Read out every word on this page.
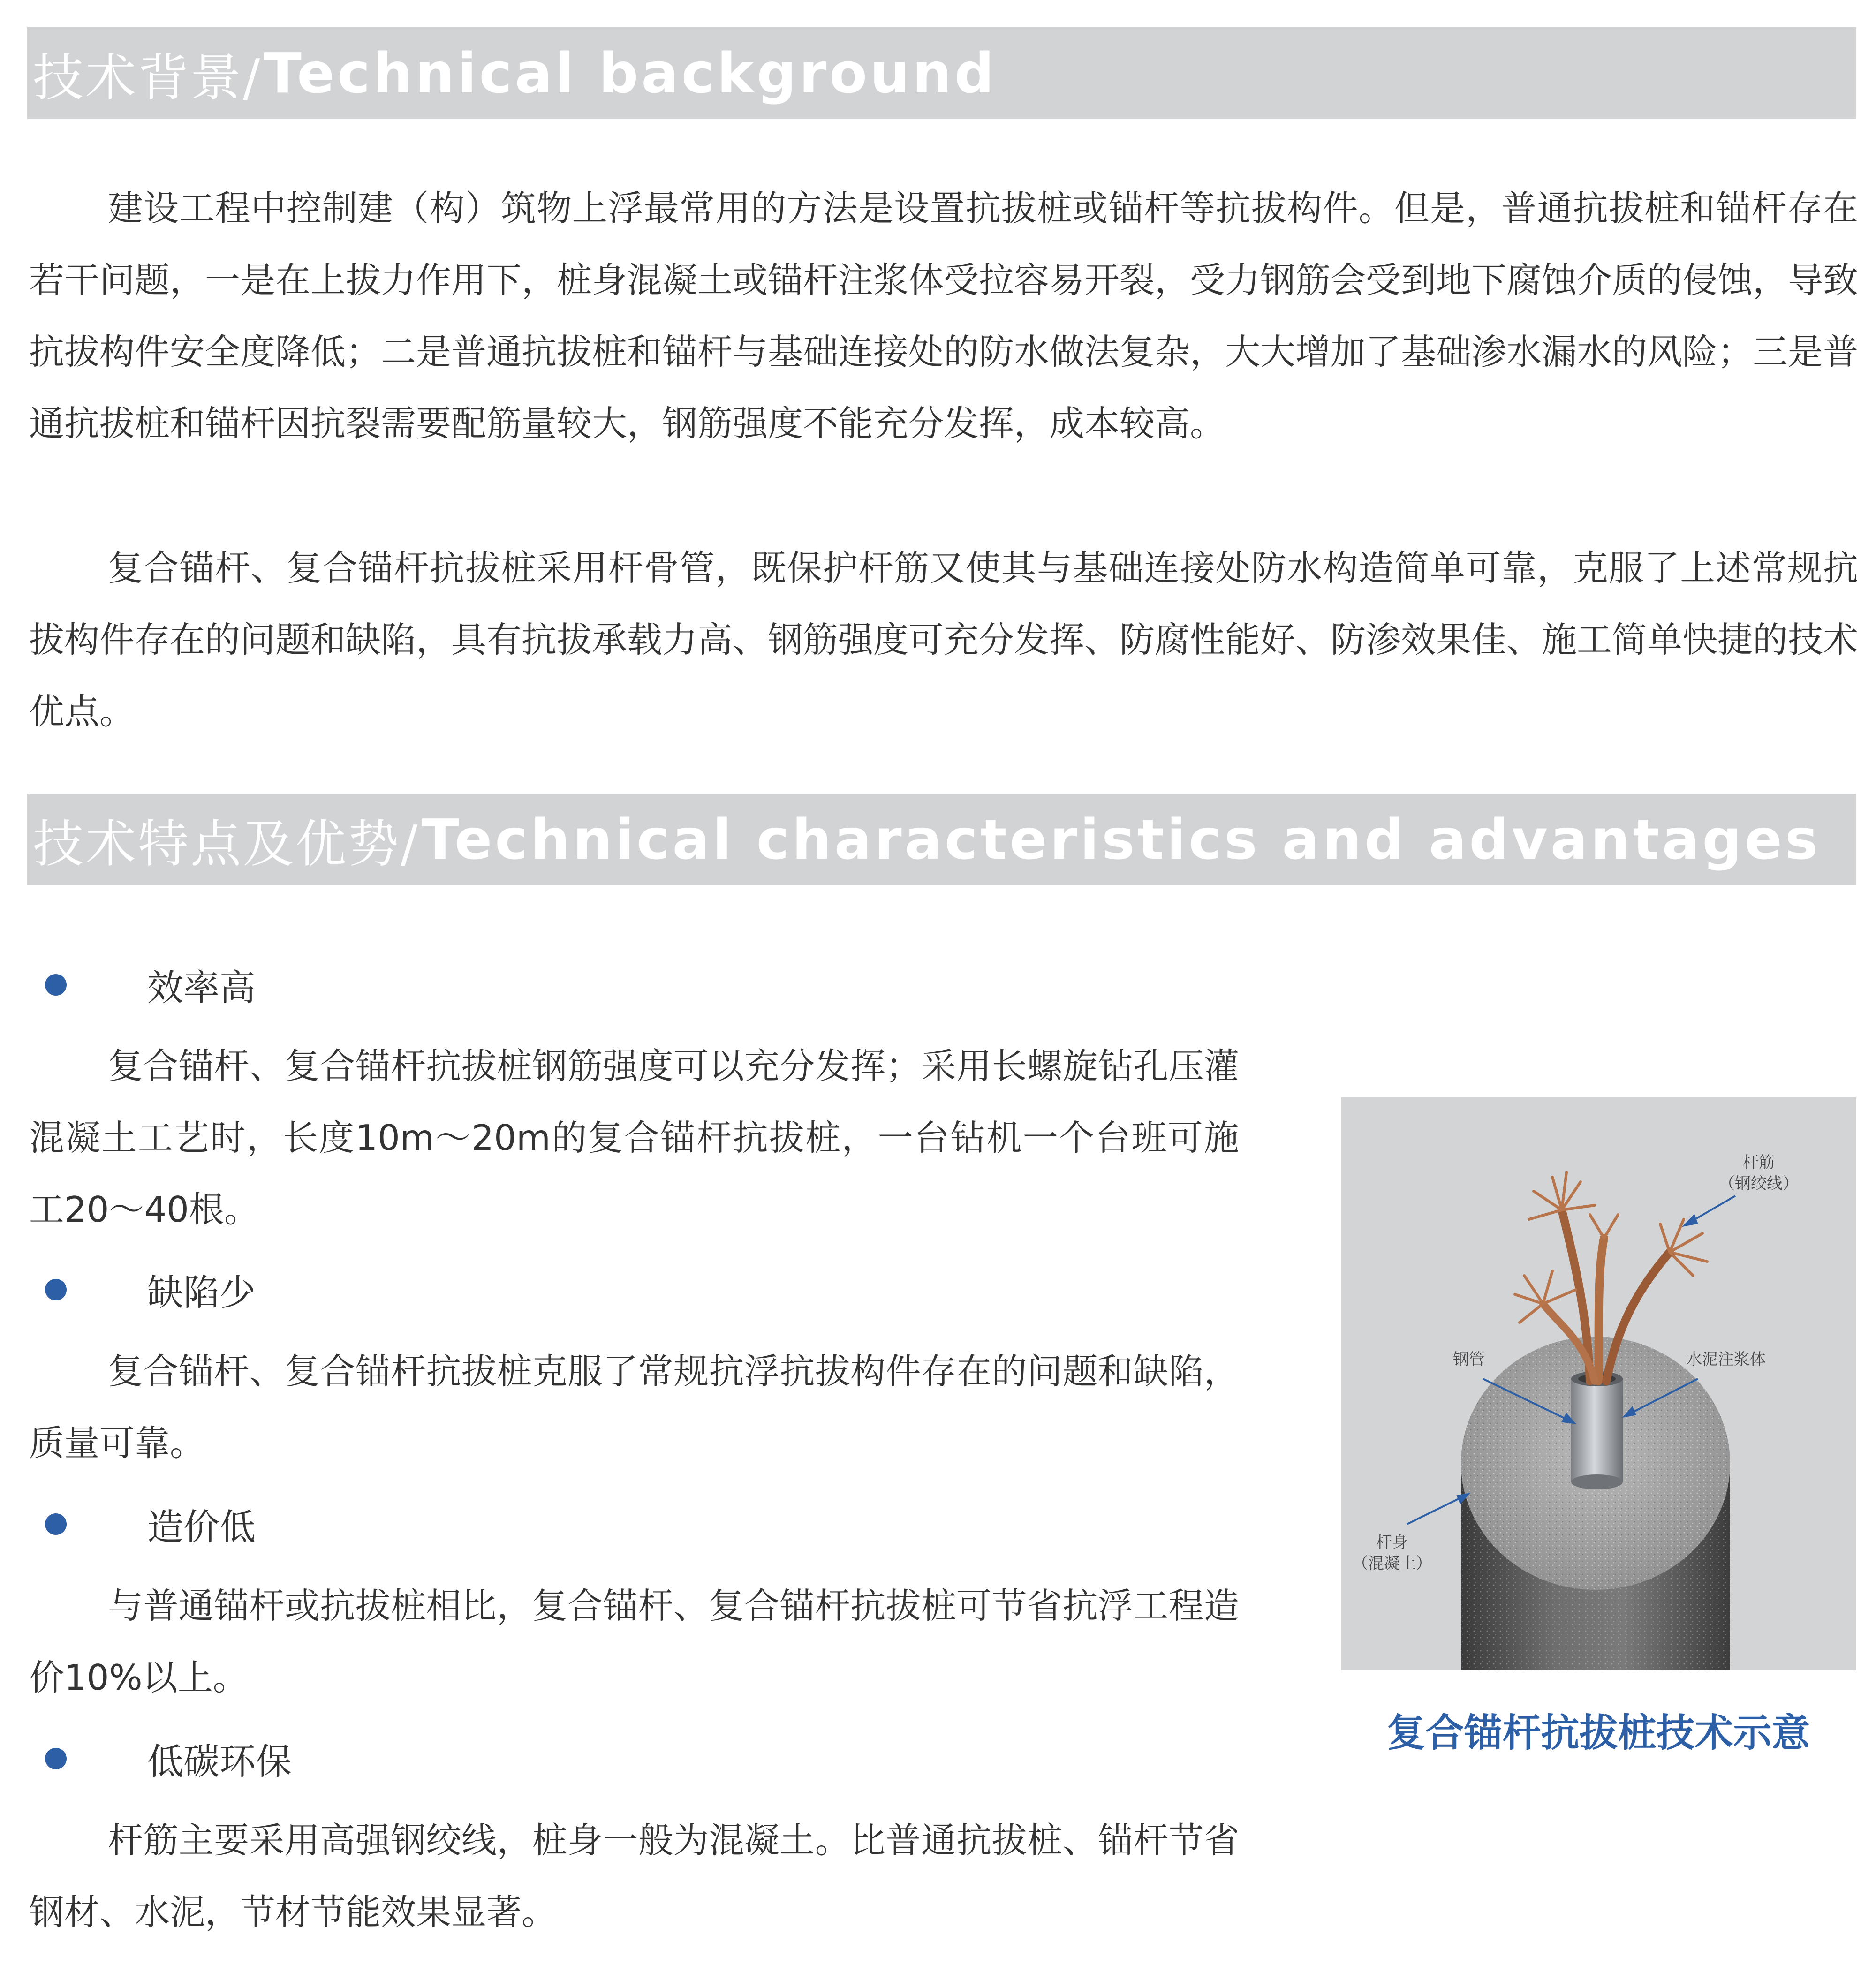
技术背景/ Technical background

建设工程中控制建（构）筑物上浮最常用的方法是设置抗拔桩或锚杆等抗拔构件。但是，普通抗拔桩和锚杆存在若干问题，一是在上拔力作用下，桩身混凝土或锚杆注浆体受拉容易开裂，受力钢筋会受到地下腐蚀介质的侵蚀，导致抗拔构件安全度降低；二是普通抗拔桩和锚杆与基础连接处的防水做法复杂，大大增加了基础渗水漏水的风险；三是普通抗拔桩和锚杆因抗裂需要配筋量较大，钢筋强度不能充分发挥，成本较高。

复合锚杆、复合锚杆抗拔桩采用杆骨管，既保护杆筋又使其与基础连接处防水构造简单可靠，克服了上述常规抗拔构件存在的问题和缺陷，具有抗拔承载力高、钢筋强度可充分发挥、防腐性能好、防渗效果佳、施工简单快捷的技术优点。

技术特点及优势/ Technical characteristics and advantages
效率高

复合锚杆、复合锚杆抗拔桩钢筋强度可以充分发挥；采用长螺旋钻孔压灌混凝土工艺时，长度10m～20m的复合锚杆抗拔桩，一台钻机一个台班可施工20～40根。

缺陷少

复合锚杆、复合锚杆抗拔桩克服了常规抗浮抗拔构件存在的问题和缺陷，质量可靠。

造价低

与普通锚杆或抗拔桩相比，复合锚杆、复合锚杆抗拔桩可节省抗浮工程造价10%以上。

低碳环保

杆筋主要采用高强钢绞线，桩身一般为混凝土。比普通抗拔桩、锚杆节省钢材、水泥，节材节能效果显著。

杆筋
（钢绞线）
钢管	水泥注浆体
杆身
（混凝土）
复合锚杆抗拔桩技术示意
